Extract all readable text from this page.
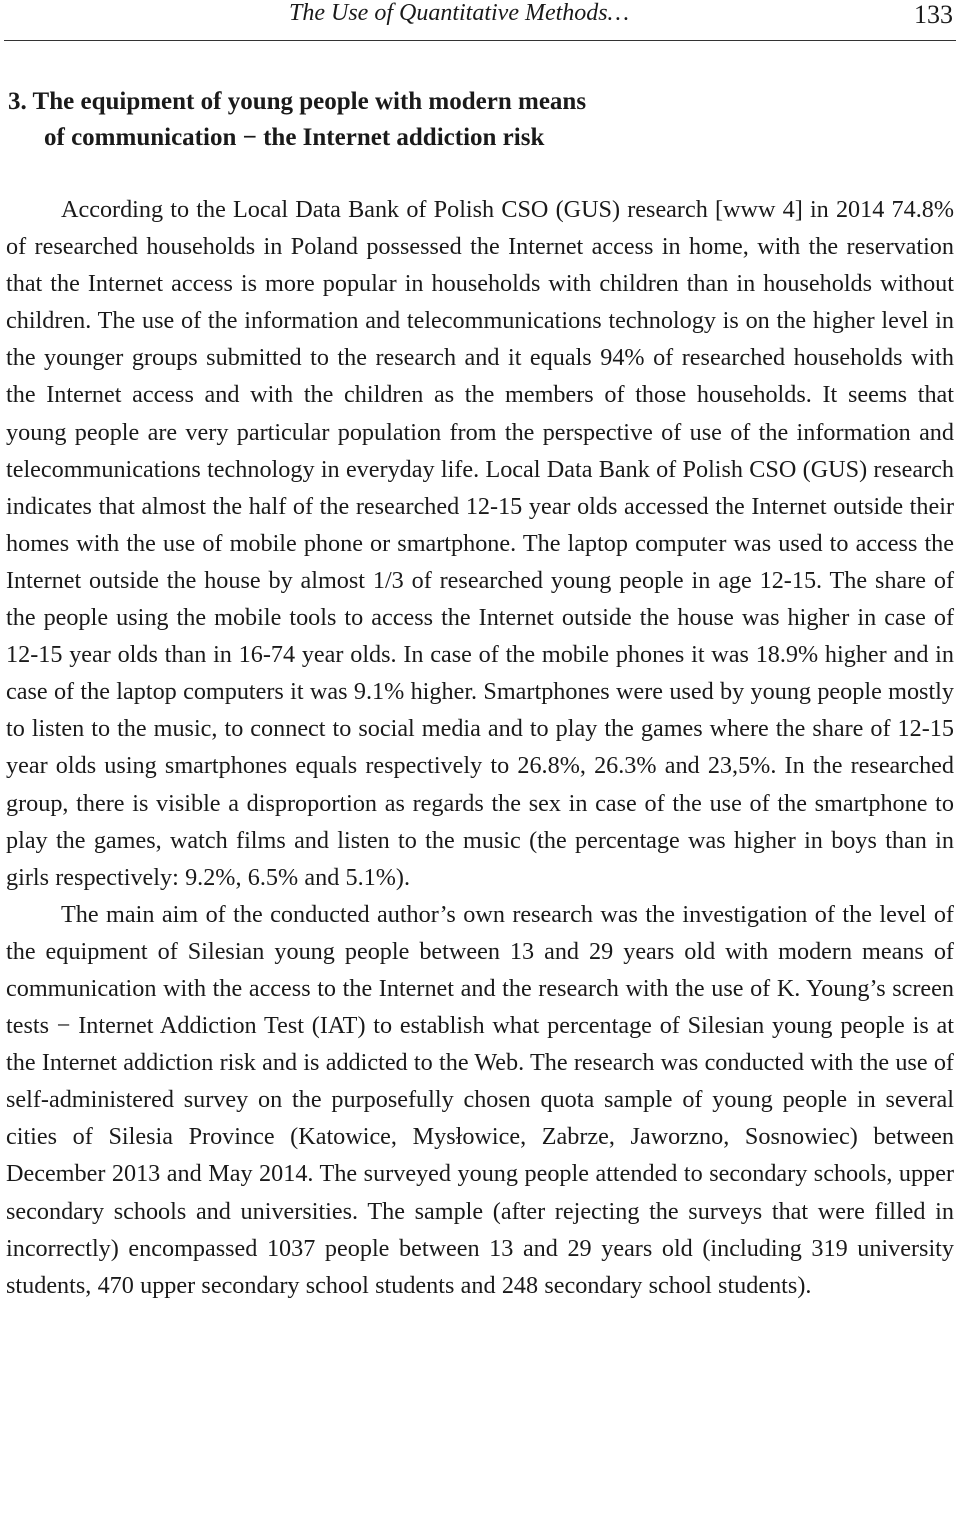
The Use of Quantitative Methods…	133
3. The equipment of young people with modern means
of communication − the Internet addiction risk

According to the Local Data Bank of Polish CSO (GUS) research [www 4] in 2014 74.8% of researched households in Poland possessed the Internet access in home, with the reservation that the Internet access is more popular in households with children than in households without children. The use of the information and telecommunications technology is on the higher level in the younger groups submitted to the research and it equals 94% of researched households with the Internet access and with the children as the members of those households. It seems that young people are very particular population from the perspective of use of the information and telecommunications technology in everyday life. Local Data Bank of Polish CSO (GUS) research indicates that almost the half of the researched 12-15 year olds accessed the Internet outside their homes with the use of mobile phone or smartphone. The laptop computer was used to access the Internet outside the house by almost 1/3 of researched young people in age 12-15. The share of the people using the mobile tools to access the Internet outside the house was higher in case of 12-15 year olds than in 16-74 year olds. In case of the mobile phones it was 18.9% higher and in case of the laptop computers it was 9.1% higher. Smartphones were used by young people mostly to listen to the music, to connect to social media and to play the games where the share of 12-15 year olds using smartphones equals respectively to 26.8%, 26.3% and 23,5%. In the researched group, there is visible a disproportion as regards the sex in case of the use of the smartphone to play the games, watch films and listen to the music (the percentage was higher in boys than in girls respectively: 9.2%, 6.5% and 5.1%).

The main aim of the conducted author’s own research was the investigation of the level of the equipment of Silesian young people between 13 and 29 years old with modern means of communication with the access to the Internet and the research with the use of K. Young’s screen tests − Internet Addiction Test (IAT) to establish what percentage of Silesian young people is at the Internet addiction risk and is addicted to the Web. The research was conducted with the use of self-administered survey on the purposefully chosen quota sample of young people in several cities of Silesia Province (Katowice, Mysłowice, Zabrze, Jaworzno, Sosnowiec) between December 2013 and May 2014. The surveyed young people attended to secondary schools, upper secondary schools and universities. The sample (after rejecting the surveys that were filled in incorrectly) encompassed 1037 people between 13 and 29 years old (including 319 university students, 470 upper secondary school students and 248 secondary school students).
